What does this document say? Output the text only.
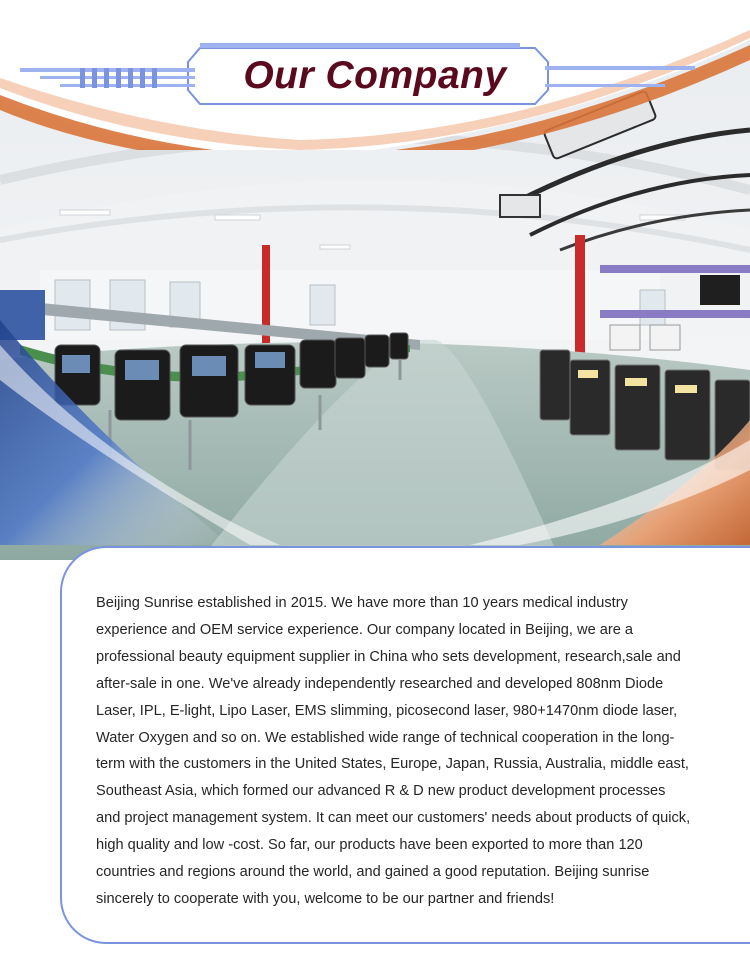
Our Company

Beijing Sunrise established in 2015. We have more than 10 years medical industry
experience and OEM service experience. Our company located in Beijing, we are a
professional beauty equipment supplier in China who sets development, research,sale and
after-sale in one. We've already independently researched and developed 808nm Diode
Laser, IPL, E-light, Lipo Laser, EMS slimming, picosecond laser, 980+1470nm diode laser,
Water Oxygen and so on. We established wide range of technical cooperation in the long-
term with the customers in the United States, Europe, Japan, Russia, Australia, middle east,
Southeast Asia, which formed our advanced R & D new product development processes
and project management system. It can meet our customers' needs about products of quick,
high quality and low -cost. So far, our products have been exported to more than 120
countries and regions around the world, and gained a good reputation. Beijing sunrise
sincerely to cooperate with you, welcome to be our partner and friends!
